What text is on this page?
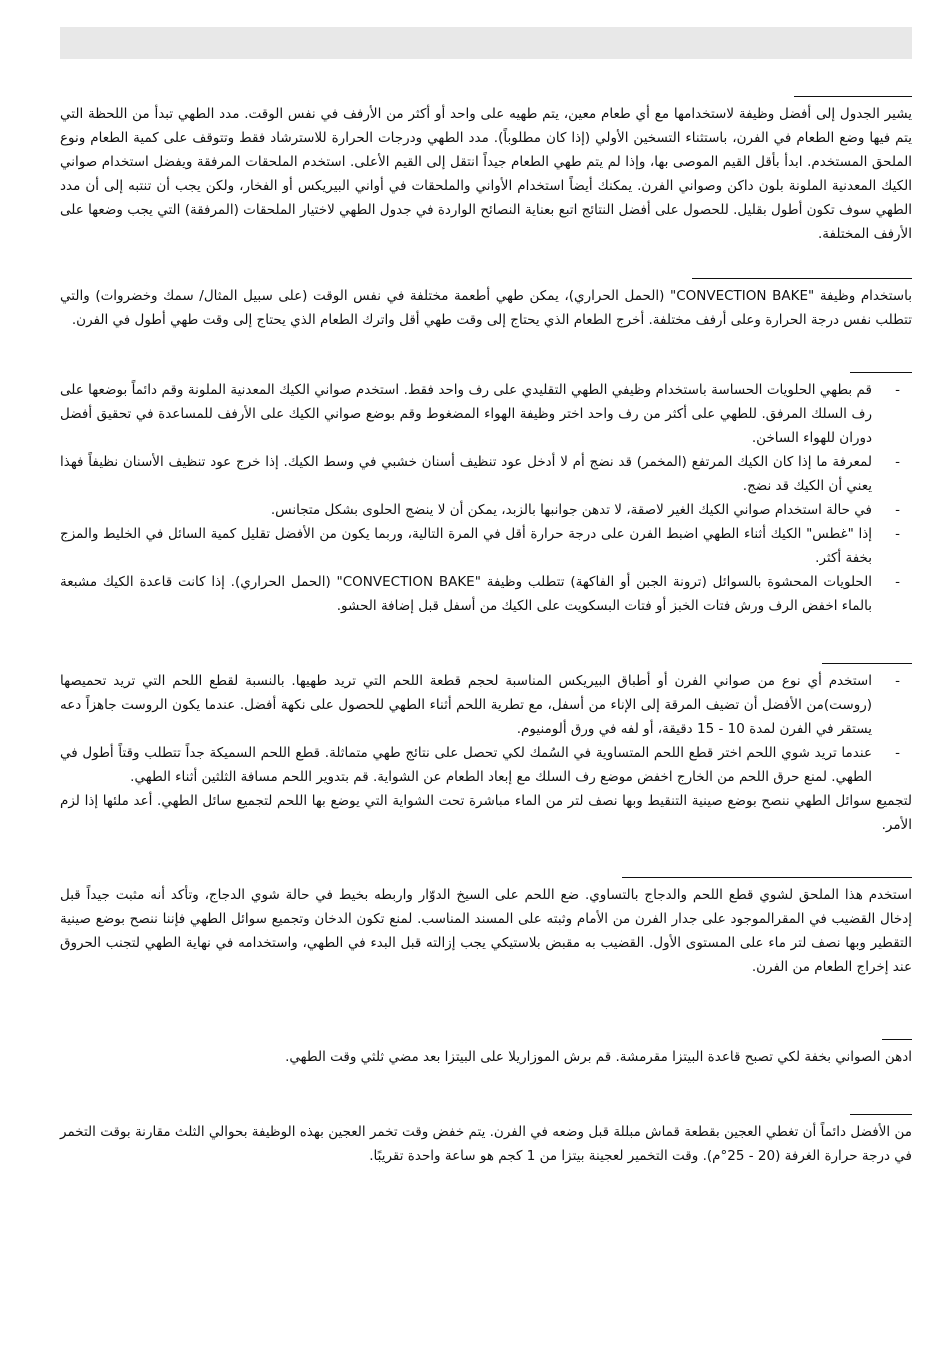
يشير الجدول إلى أفضل وظيفة لاستخدامها مع أي طعام معين، يتم طهيه على واحد أو أكثر من الأرفف في نفس الوقت. مدد الطهي تبدأ من اللحظة التي يتم فيها وضع الطعام في الفرن، باستثناء التسخين الأولي (إذا كان مطلوباً). مدد الطهي ودرجات الحرارة للاسترشاد فقط وتتوقف على كمية الطعام ونوع الملحق المستخدم. ابدأ بأقل القيم الموصى بها، وإذا لم يتم طهي الطعام جيداً انتقل إلى القيم الأعلى. استخدم الملحقات المرفقة ويفضل استخدام صواني الكيك المعدنية الملونة بلون داكن وصواني الفرن. يمكنك أيضاً استخدام الأواني والملحقات في أواني البيريكس أو الفخار، ولكن يجب أن تنتبه إلى أن مدد الطهي سوف تكون أطول بقليل. للحصول على أفضل النتائج اتبع بعناية النصائح الواردة في جدول الطهي لاختيار الملحقات (المرفقة) التي يجب وضعها على الأرفف المختلفة.

باستخدام وظيفة "CONVECTION BAKE" (الحمل الحراري)، يمكن طهي أطعمة مختلفة في نفس الوقت (على سبيل المثال/ سمك وخضروات) والتي تتطلب نفس درجة الحرارة وعلى أرفف مختلفة. أخرج الطعام الذي يحتاج إلى وقت طهي أقل واترك الطعام الذي يحتاج إلى وقت طهي أطول في الفرن.

- قم بطهي الحلويات الحساسة باستخدام وظيفي الطهي التقليدي على رف واحد فقط. استخدم صواني الكيك المعدنية الملونة وقم دائماً بوضعها على رف السلك المرفق. للطهي على أكثر من رف واحد اختر وظيفة الهواء المضغوط وقم بوضع صواني الكيك على الأرفف للمساعدة في تحقيق أفضل دوران للهواء الساخن.
- لمعرفة ما إذا كان الكيك المرتفع (المخمر) قد نضج أم لا أدخل عود تنظيف أسنان خشبي في وسط الكيك. إذا خرج عود تنظيف الأسنان نظيفاً فهذا يعني أن الكيك قد نضج.
- في حالة استخدام صواني الكيك الغير لاصقة، لا تدهن جوانبها بالزبد، يمكن أن لا ينضج الحلوى بشكل متجانس.
- إذا "غطس" الكيك أثناء الطهي اضبط الفرن على درجة حرارة أقل في المرة التالية، وربما يكون من الأفضل تقليل كمية السائل في الخليط والمزج بخفة أكثر.
- الحلويات المحشوة بالسوائل (ترونة الجبن أو الفاكهة) تتطلب وظيفة "CONVECTION BAKE" (الحمل الحراري). إذا كانت قاعدة الكيك مشبعة بالماء اخفض الرف ورش فتات الخبز أو فتات البسكويت على الكيك من أسفل قبل إضافة الحشو.
- استخدم أي نوع من صواني الفرن أو أطباق البيريكس المناسبة لحجم قطعة اللحم التي تريد طهيها. بالنسبة لقطع اللحم التي تريد تحميصها (روست)من الأفضل أن تضيف المرقة إلى الإناء من أسفل، مع تطرية اللحم أثناء الطهي للحصول على نكهة أفضل. عندما يكون الروست جاهزاً دعه يستقر في الفرن لمدة 10 - 15 دقيقة، أو لفه في ورق ألومنيوم.
- عندما تريد شوي اللحم اختر قطع اللحم المتساوية في السُمك لكي تحصل على نتائج طهي متماثلة. قطع اللحم السميكة جداً تتطلب وقتاً أطول في الطهي. لمنع حرق اللحم من الخارج اخفض موضع رف السلك مع إبعاد الطعام عن الشواية. قم بتدوير اللحم مسافة الثلثين أثناء الطهي.

لتجميع سوائل الطهي ننصح بوضع صينية التنقيط وبها نصف لتر من الماء مباشرة تحت الشواية التي يوضع بها اللحم لتجميع سائل الطهي. أعد ملئها إذا لزم الأمر.

استخدم هذا الملحق لشوي قطع اللحم والدجاج بالتساوي. ضع اللحم على السيخ الدوّار واربطه بخيط في حالة شوي الدجاج، وتأكد أنه مثبت جيداً قبل إدخال القضيب في المقرالموجود على جدار الفرن من الأمام وثبته على المسند المناسب. لمنع تكون الدخان وتجميع سوائل الطهي فإننا ننصح بوضع صينية التقطير وبها نصف لتر ماء على المستوى الأول. القضيب به مقبض بلاستيكي يجب إزالته قبل البدء في الطهي، واستخدامه في نهاية الطهي لتجنب الحروق عند إخراج الطعام من الفرن.

ادهن الصواني بخفة لكي تصبح قاعدة البيتزا مقرمشة. قم برش الموزاريلا على البيتزا بعد مضي ثلثي وقت الطهي.

من الأفضل دائماً أن تغطي العجين بقطعة قماش مبللة قبل وضعه في الفرن. يتم خفض وقت تخمر العجين بهذه الوظيفة بحوالي الثلث مقارنة بوقت التخمر في درجة حرارة الغرفة (20 - 25°م). وقت التخمير لعجينة بيتزا من 1 كجم هو ساعة واحدة تقريبًا.
